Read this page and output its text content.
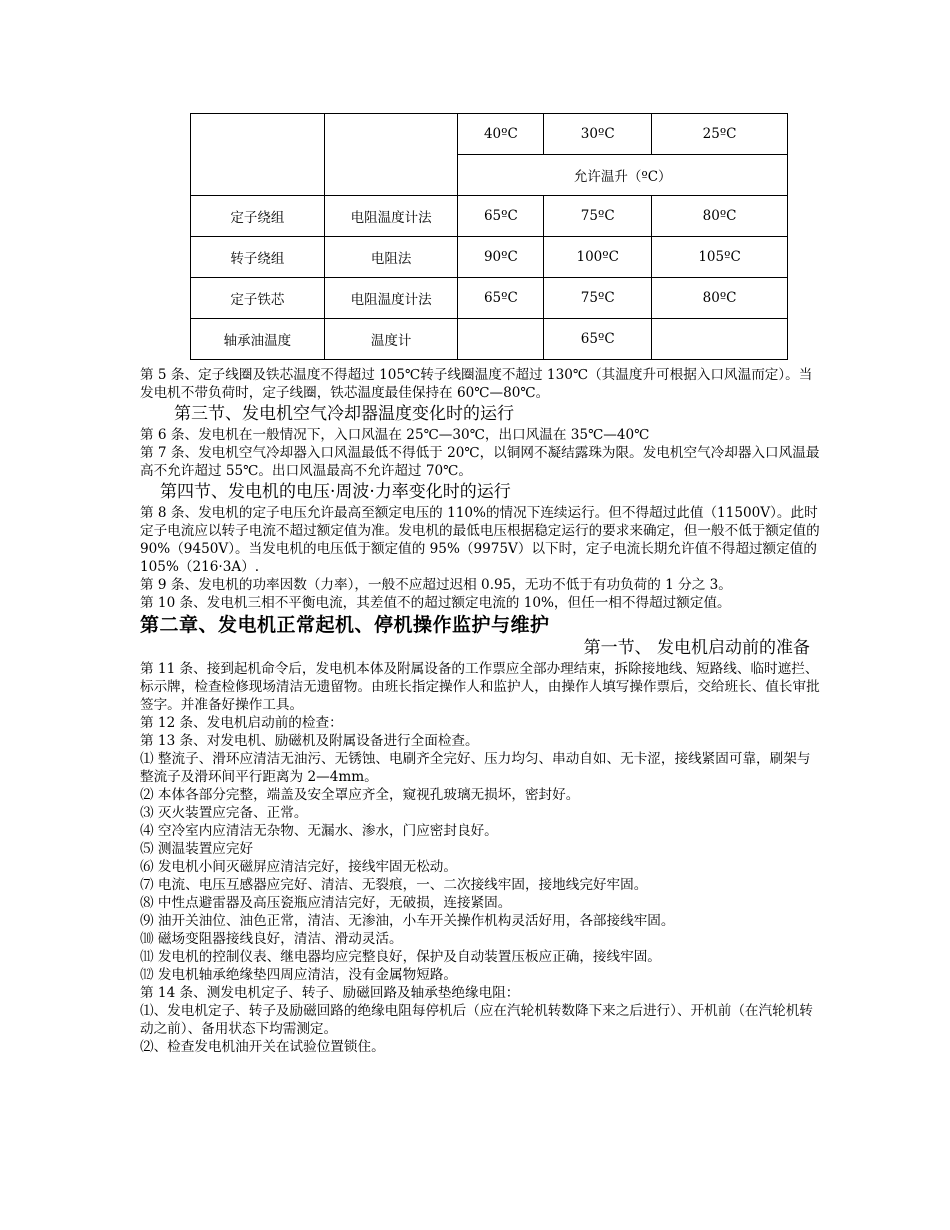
		40ºC	30ºC	25ºC
		允许温升（ºC）		
定子绕组	电阻温度计法	65ºC	75ºC	80ºC
转子绕组	电阻法	90ºC	100ºC	105ºC
定子铁芯	电阻温度计法	65ºC	75ºC	80ºC
轴承油温度	温度计		65ºC	

第 5 条、定子线圈及铁芯温度不得超过 105℃转子线圈温度不超过 130℃（其温度升可根据入口风温而定）。当发电机不带负荷时，定子线圈，铁芯温度最佳保持在 60℃—80℃。

第三节、发电机空气冷却器温度变化时的运行

第 6 条、发电机在一般情况下，入口风温在 25℃—30℃，出口风温在 35℃—40℃

第 7 条、发电机空气冷却器入口风温最低不得低于 20℃，以铜网不凝结露珠为限。发电机空气冷却器入口风温最高不允许超过 55℃。出口风温最高不允许超过 70℃。

第四节、发电机的电压·周波·力率变化时的运行

第 8 条、发电机的定子电压允许最高至额定电压的 110%的情况下连续运行。但不得超过此值（11500V）。此时定子电流应以转子电流不超过额定值为准。发电机的最低电压根据稳定运行的要求来确定，但一般不低于额定值的 90%（9450V）。当发电机的电压低于额定值的 95%（9975V）以下时，定子电流长期允许值不得超过额定值的 105%（216·3A）.

第 9 条、发电机的功率因数（力率），一般不应超过迟相 0.95，无功不低于有功负荷的 1 分之 3。

第 10 条、发电机三相不平衡电流，其差值不的超过额定电流的 10%，但任一相不得超过额定值。

第二章、发电机正常起机、停机操作监护与维护

第一节、 发电机启动前的准备

第 11 条、接到起机命令后，发电机本体及附属设备的工作票应全部办理结束，拆除接地线、短路线、临时遮拦、标示牌，检查检修现场清洁无遗留物。由班长指定操作人和监护人，由操作人填写操作票后，交给班长、值长审批签字。并准备好操作工具。

第 12 条、发电机启动前的检查：

第 13 条、对发电机、励磁机及附属设备进行全面检查。

⑴ 整流子、滑环应清洁无油污、无锈蚀、电刷齐全完好、压力均匀、串动自如、无卡涩，接线紧固可靠，刷架与整流子及滑环间平行距离为 2—4mm。

⑵ 本体各部分完整，端盖及安全罩应齐全，窥视孔玻璃无损坏，密封好。

⑶ 灭火装置应完备、正常。

⑷ 空冷室内应清洁无杂物、无漏水、渗水，门应密封良好。

⑸ 测温装置应完好

⑹ 发电机小间灭磁屏应清洁完好，接线牢固无松动。

⑺ 电流、电压互感器应完好、清洁、无裂痕，一、二次接线牢固，接地线完好牢固。

⑻ 中性点避雷器及高压瓷瓶应清洁完好，无破损，连接紧固。

⑼ 油开关油位、油色正常，清洁、无渗油，小车开关操作机构灵活好用，各部接线牢固。

⑽ 磁场变阻器接线良好，清洁、滑动灵活。

⑾ 发电机的控制仪表、继电器均应完整良好，保护及自动装置压板应正确，接线牢固。

⑿ 发电机轴承绝缘垫四周应清洁，没有金属物短路。

第 14 条、测发电机定子、转子、励磁回路及轴承垫绝缘电阻：

⑴、发电机定子、转子及励磁回路的绝缘电阻每停机后（应在汽轮机转数降下来之后进行）、开机前（在汽轮机转动之前）、备用状态下均需测定。

⑵、检查发电机油开关在试验位置锁住。
